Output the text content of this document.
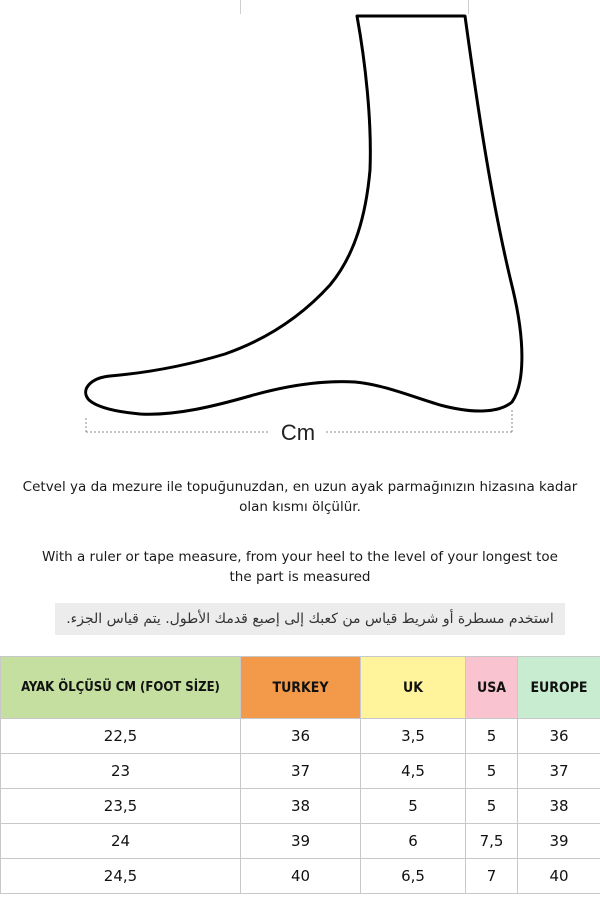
Cm
Cetvel ya da mezure ile topuğunuzdan, en uzun ayak parmağınızın hizasına kadar
olan kısmı ölçülür.
With a ruler or tape measure, from your heel to the level of your longest toe
the part is measured
استخدم مسطرة أو شريط قياس من كعبك إلى إصبع قدمك الأطول. يتم قياس الجزء.
AYAK ÖLÇÜSÜ CM (FOOT SİZE)	TURKEY	UK	USA	EUROPE
22,5	36	3,5	5	36
23	37	4,5	5	37
23,5	38	5	5	38
24	39	6	7,5	39
24,5	40	6,5	7	40
